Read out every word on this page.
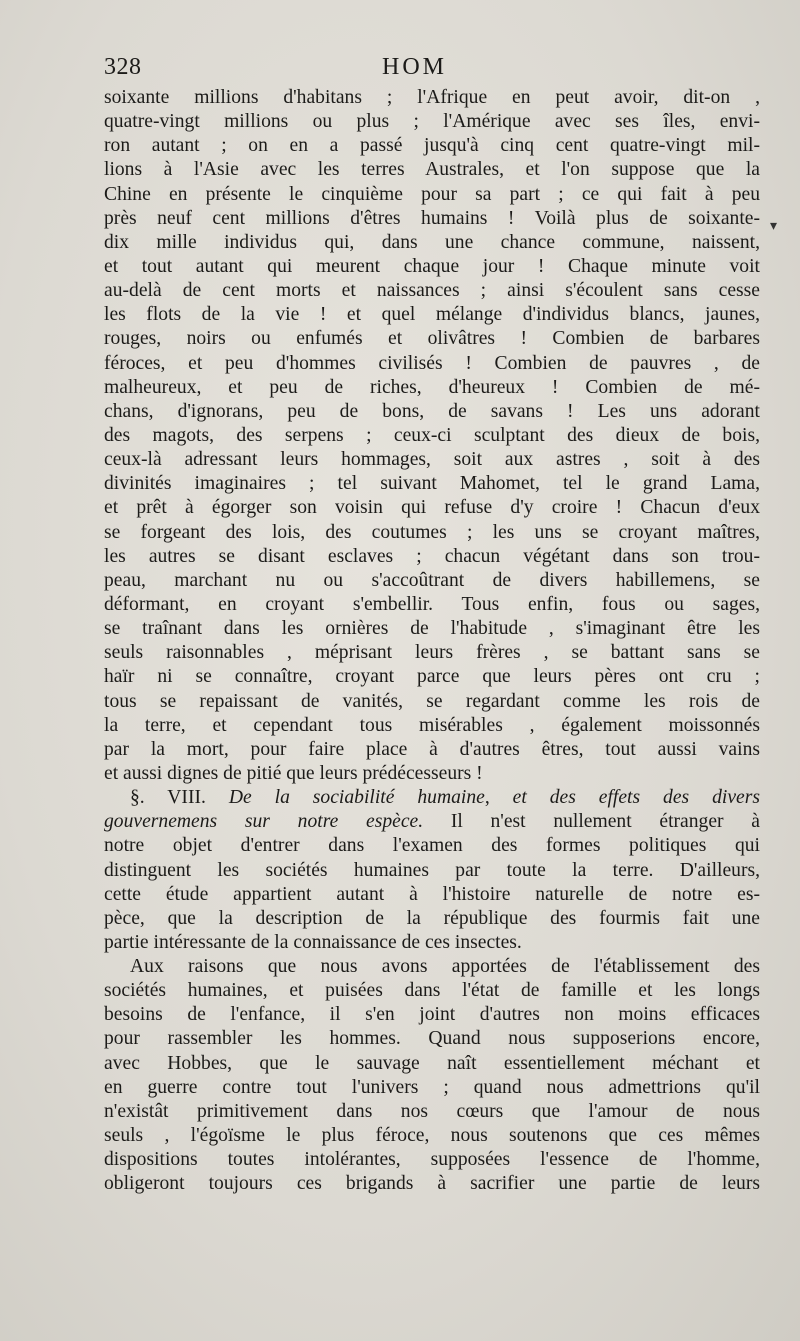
328	HOM
▾
soixante millions d'habitans ; l'Afrique en peut avoir, dit-on ,
quatre-vingt millions ou plus ; l'Amérique avec ses îles, envi-
ron autant ; on en a passé jusqu'à cinq cent quatre-vingt mil-
lions à l'Asie avec les terres Australes, et l'on suppose que la
Chine en présente le cinquième pour sa part ; ce qui fait à peu
près neuf cent millions d'êtres humains ! Voilà plus de soixante-
dix mille individus qui, dans une chance commune, naissent,
et tout autant qui meurent chaque jour ! Chaque minute voit
au-delà de cent morts et naissances ; ainsi s'écoulent sans cesse
les flots de la vie ! et quel mélange d'individus blancs, jaunes,
rouges, noirs ou enfumés et olivâtres ! Combien de barbares
féroces, et peu d'hommes civilisés ! Combien de pauvres , de
malheureux, et peu de riches, d'heureux ! Combien de mé-
chans, d'ignorans, peu de bons, de savans ! Les uns adorant
des magots, des serpens ; ceux-ci sculptant des dieux de bois,
ceux-là adressant leurs hommages, soit aux astres , soit à des
divinités imaginaires ; tel suivant Mahomet, tel le grand Lama,
et prêt à égorger son voisin qui refuse d'y croire ! Chacun d'eux
se forgeant des lois, des coutumes ; les uns se croyant maîtres,
les autres se disant esclaves ; chacun végétant dans son trou-
peau, marchant nu ou s'accoûtrant de divers habillemens, se
déformant, en croyant s'embellir. Tous enfin, fous ou sages,
se traînant dans les ornières de l'habitude , s'imaginant être les
seuls raisonnables , méprisant leurs frères , se battant sans se
haïr ni se connaître, croyant parce que leurs pères ont cru ;
tous se repaissant de vanités, se regardant comme les rois de
la terre, et cependant tous misérables , également moissonnés
par la mort, pour faire place à d'autres êtres, tout aussi vains
et aussi dignes de pitié que leurs prédécesseurs !
§. VIII. De la sociabilité humaine, et des effets des divers
gouvernemens sur notre espèce. Il n'est nullement étranger à
notre objet d'entrer dans l'examen des formes politiques qui
distinguent les sociétés humaines par toute la terre. D'ailleurs,
cette étude appartient autant à l'histoire naturelle de notre es-
pèce, que la description de la république des fourmis fait une
partie intéressante de la connaissance de ces insectes.
Aux raisons que nous avons apportées de l'établissement des
sociétés humaines, et puisées dans l'état de famille et les longs
besoins de l'enfance, il s'en joint d'autres non moins efficaces
pour rassembler les hommes. Quand nous supposerions encore,
avec Hobbes, que le sauvage naît essentiellement méchant et
en guerre contre tout l'univers ; quand nous admettrions qu'il
n'existât primitivement dans nos cœurs que l'amour de nous
seuls , l'égoïsme le plus féroce, nous soutenons que ces mêmes
dispositions toutes intolérantes, supposées l'essence de l'homme,
obligeront toujours ces brigands à sacrifier une partie de leurs
